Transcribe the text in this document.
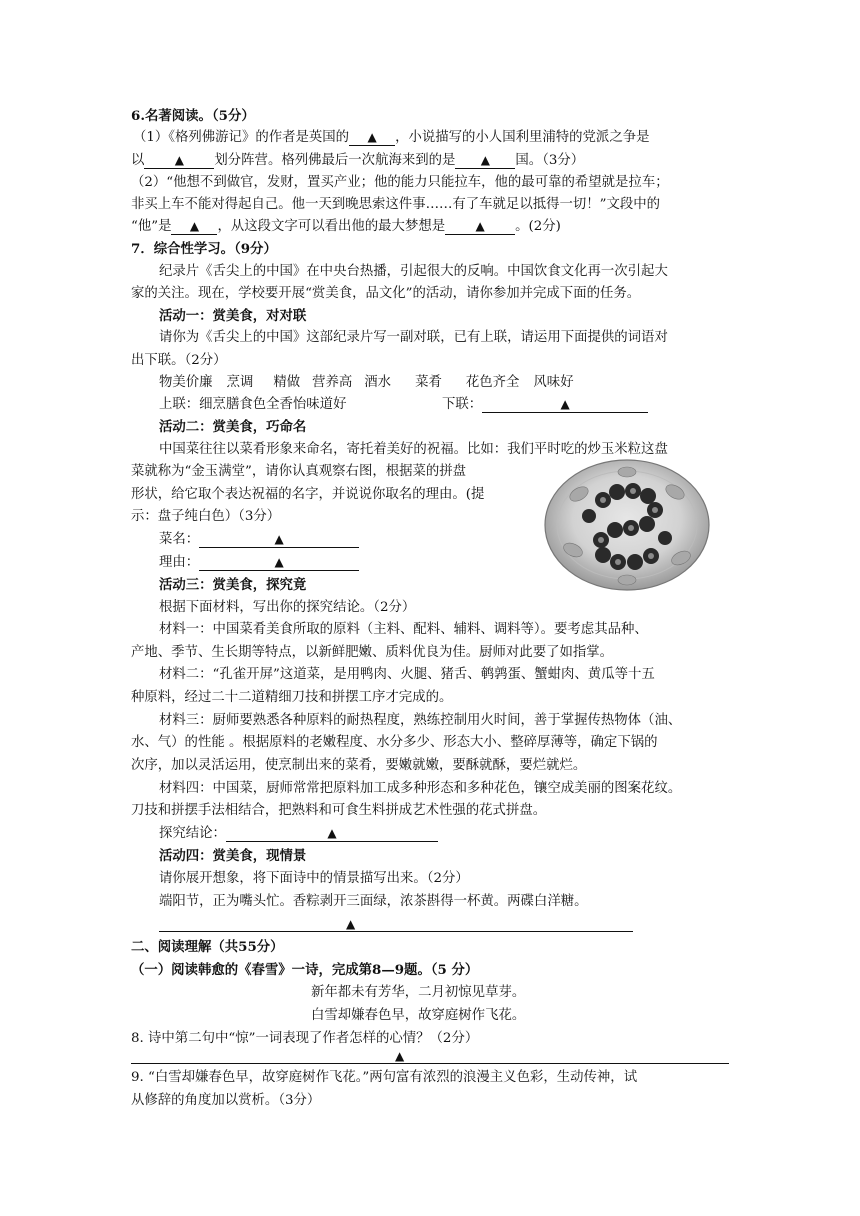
6.名著阅读。（5分）
（1）《格列佛游记》的作者是英国的 ▲ ，小说描写的小人国利里浦特的党派之争是
以	▲ 划分阵营。格列佛最后一次航海来到的是 ▲ 国。（3分）
（2）“他想不到做官，发财，置买产业；他的能力只能拉车，他的最可靠的希望就是拉车；
非买上车不能对得起自己。他一天到晚思索这件事……有了车就足以抵得一切！”文段中的
“他”是 ▲ ，从这段文字可以看出他的最大梦想是	▲ 。(2分)
7．综合性学习。（9分）
纪录片《舌尖上的中国》在中央台热播，引起很大的反响。中国饮食文化再一次引起大
家的关注。现在，学校要开展“赏美食，品文化”的活动，请你参加并完成下面的任务。
活动一：赏美食，对对联
请你为《舌尖上的中国》这部纪录片写一副对联，已有上联，请运用下面提供的词语对
出下联。（2分）
物美价廉 烹调 精做 营养高 酒水 菜肴 花色齐全 风味好
上联：细烹膳食色全香怡味道好	下联：	▲
活动二：赏美食，巧命名
中国菜往往以菜肴形象来命名，寄托着美好的祝福。比如：我们平时吃的炒玉米粒这盘
菜就称为“金玉满堂”，请你认真观察右图，根据菜的拼盘
形状，给它取个表达祝福的名字，并说说你取名的理由。(提
示：盘子纯白色）（3分）
菜名：	▲
理由：	▲
活动三：赏美食，探究竟
根据下面材料，写出你的探究结论。（2分）
材料一：中国菜肴美食所取的原料（主料、配料、辅料、调料等）。要考虑其品种、
产地、季节、生长期等特点，以新鲜肥嫩、质料优良为佳。厨师对此要了如指掌。
材料二：“孔雀开屏”这道菜，是用鸭肉、火腿、猪舌、鹌鹑蛋、蟹蚶肉、黄瓜等十五
种原料，经过二十二道精细刀技和拼摆工序才完成的。
材料三：厨师要熟悉各种原料的耐热程度，熟练控制用火时间，善于掌握传热物体（油、
水、气）的性能 。根据原料的老嫩程度、水分多少、形态大小、整碎厚薄等，确定下锅的
次序，加以灵活运用，使烹制出来的菜肴，要嫩就嫩，要酥就酥，要烂就烂。
材料四：中国菜，厨师常常把原料加工成多种形态和多种花色，镶空成美丽的图案花纹。
刀技和拼摆手法相结合，把熟料和可食生料拼成艺术性强的花式拼盘。
探究结论：	▲
活动四：赏美食，现情景
请你展开想象，将下面诗中的情景描写出来。（2分）
端阳节，正为嘴头忙。香粽剥开三面绿，浓茶斟得一杯黄。两碟白洋糖。
▲
二、阅读理解（共55分）
（一）阅读韩愈的《春雪》一诗，完成第8—9题。（5 分）
新年都未有芳华，二月初惊见草芽。
白雪却嫌春色早，故穿庭树作飞花。
8. 诗中第二句中“惊”一词表现了作者怎样的心情？（2分）
▲
9. “白雪却嫌春色早，故穿庭树作飞花。”两句富有浓烈的浪漫主义色彩，生动传神，试
从修辞的角度加以赏析。（3分）
